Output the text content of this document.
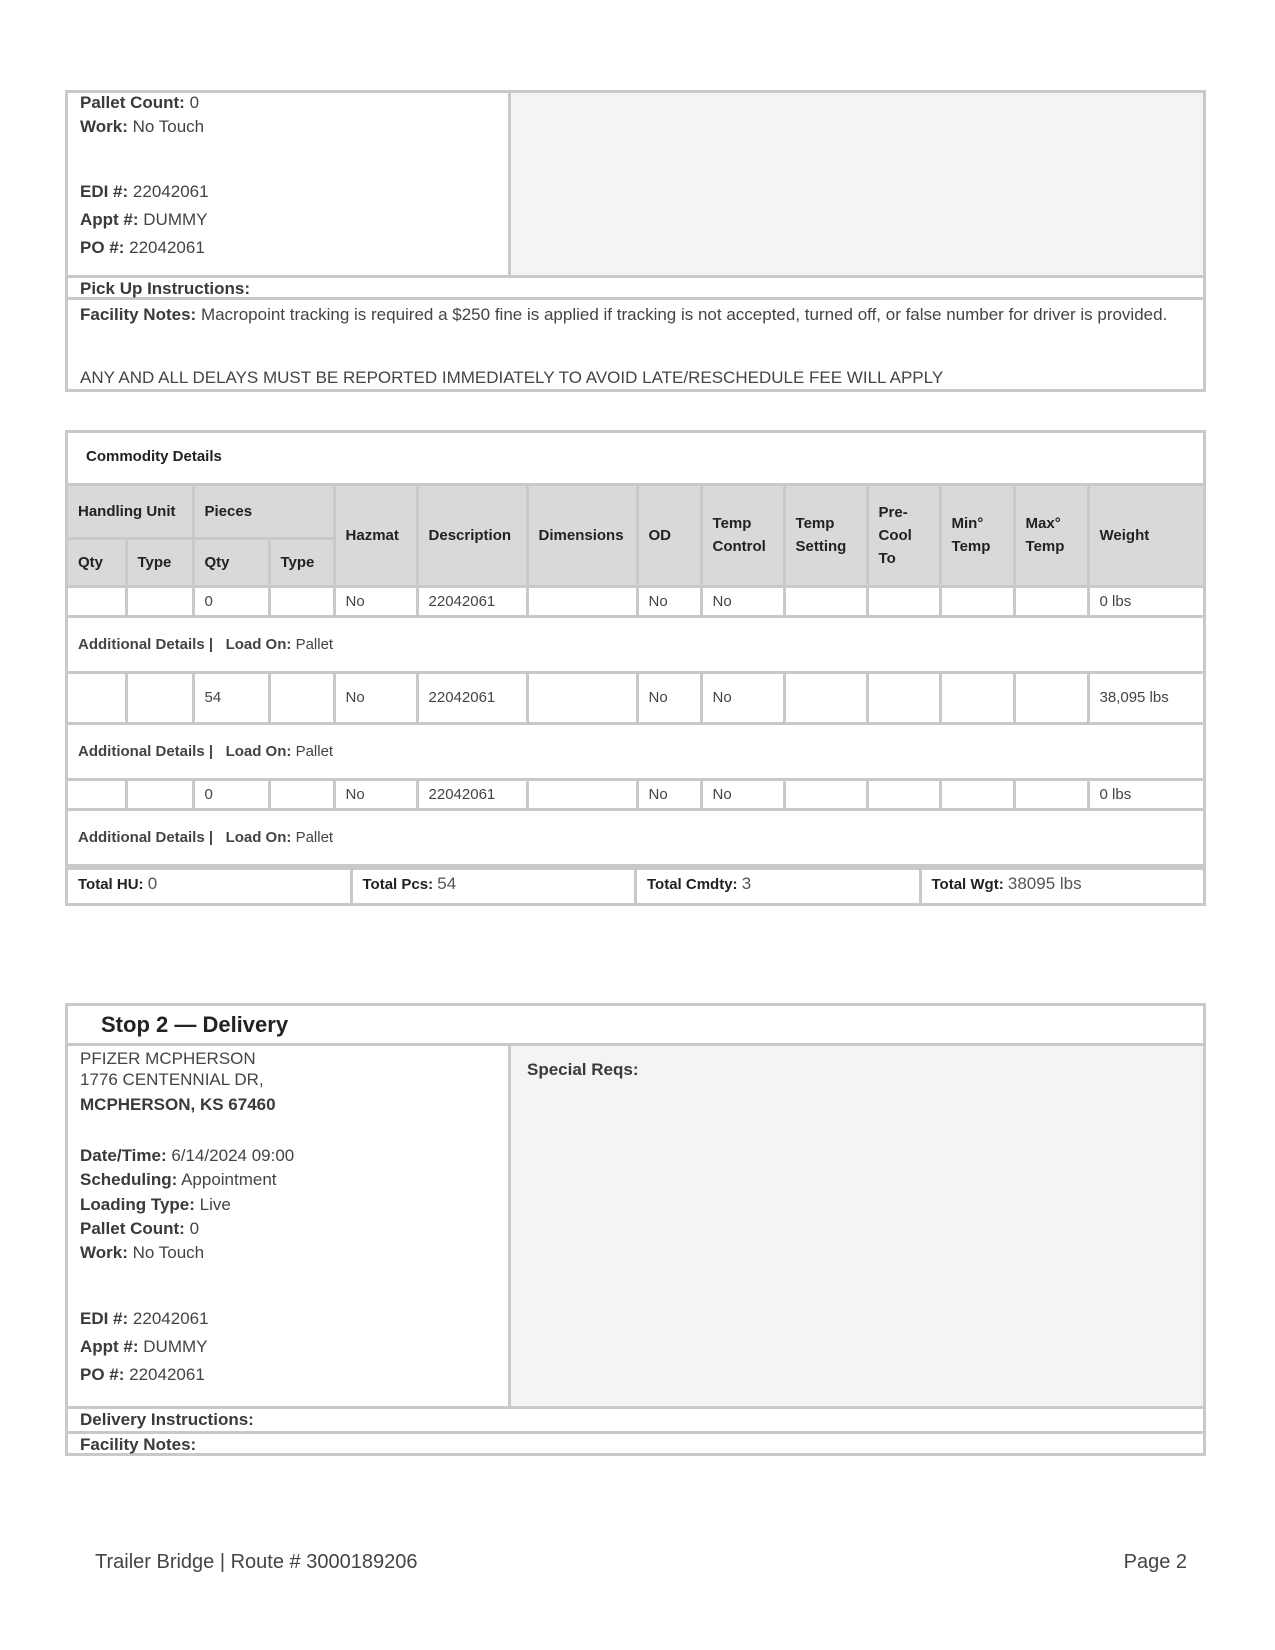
Pallet Count: 0
Work: No Touch
EDI #: 22042061
Appt #: DUMMY
PO #: 22042061
Pick Up Instructions:
Facility Notes: Macropoint tracking is required a $250 fine is applied if tracking is not accepted, turned off, or false number for driver is provided.
ANY AND ALL DELAYS MUST BE REPORTED IMMEDIATELY TO AVOID LATE/RESCHEDULE FEE WILL APPLY
Commodity Details
Handling Unit		Pieces		Hazmat	Description	Dimensions	OD	Temp Control	Temp Setting	Pre-Cool To	Min° Temp	Max° Temp	Weight
Qty	Type	Qty	Type										
		0		No	22042061		No	No					0 lbs
Additional Details | Load On: Pallet													
		54		No	22042061		No	No					38,095 lbs
Additional Details | Load On: Pallet													
		0		No	22042061		No	No					0 lbs
Additional Details | Load On: Pallet													
Total HU: 0	Total Pcs: 54	Total Cmdty: 3	Total Wgt: 38095 lbs
Stop 2 — Delivery
PFIZER MCPHERSON
1776 CENTENNIAL DR,
MCPHERSON, KS 67460
Date/Time: 6/14/2024 09:00
Scheduling: Appointment
Loading Type: Live
Pallet Count: 0
Work: No Touch
EDI #: 22042061
Appt #: DUMMY
PO #: 22042061
Special Reqs:
Delivery Instructions:
Facility Notes:
Trailer Bridge | Route # 3000189206	Page 2
